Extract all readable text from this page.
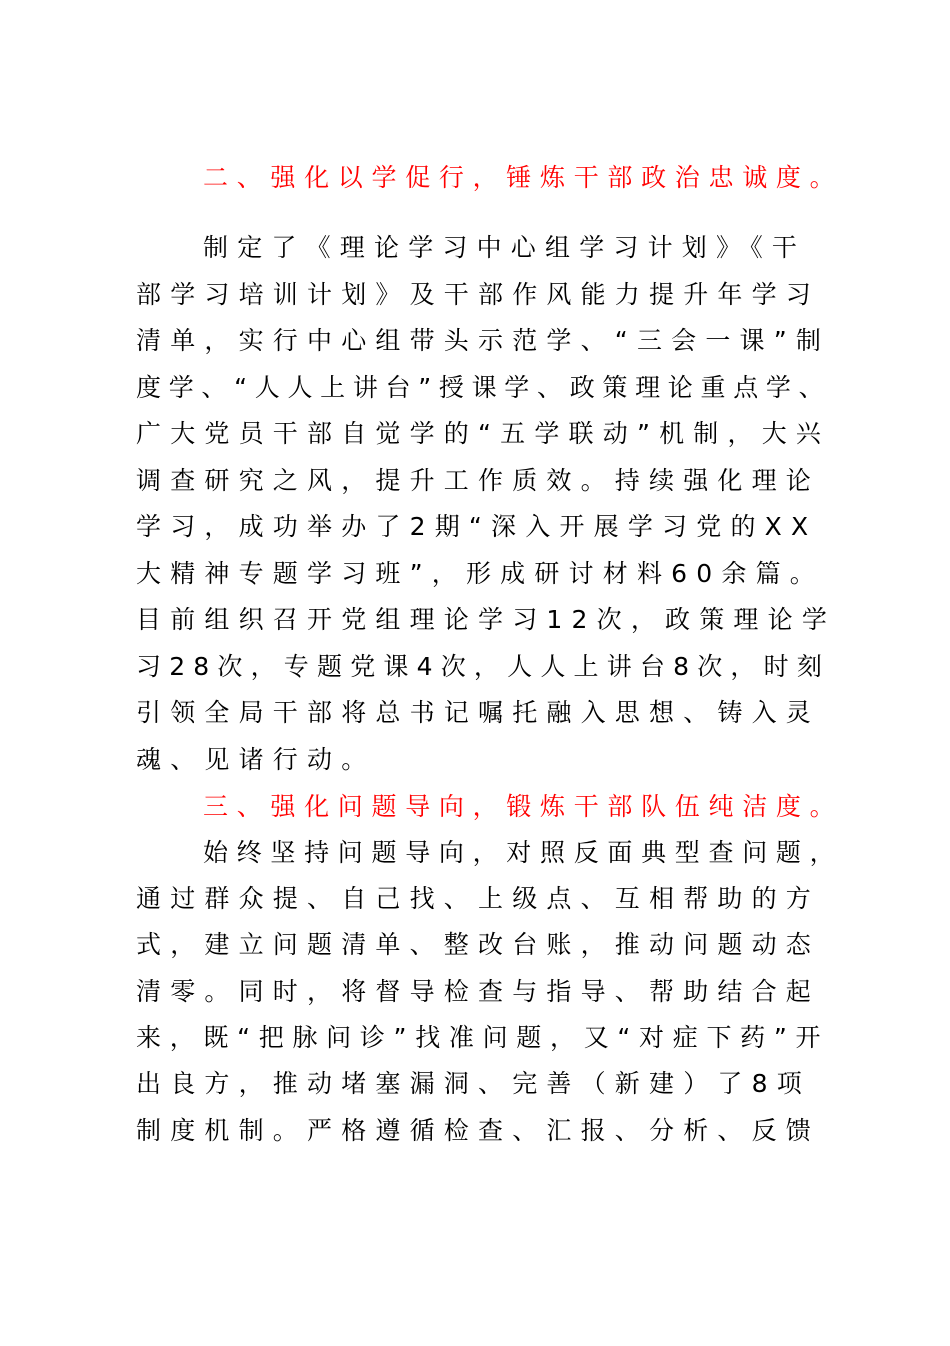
二、强化以学促行，锤炼干部政治忠诚度。
制定了《理论学习中心组学习计划》《干
部学习培训计划》及干部作风能力提升年学习
清单，实行中心组带头示范学、“三会一课”制
度学、“人人上讲台”授课学、政策理论重点学、
广大党员干部自觉学的“五学联动”机制，大兴
调查研究之风，提升工作质效。持续强化理论
学习，成功举办了2期“深入开展学习党的XX
大精神专题学习班”，形成研讨材料60余篇。
目前组织召开党组理论学习12次，政策理论学
习28次，专题党课4次，人人上讲台8次，时刻
引领全局干部将总书记嘱托融入思想、铸入灵
魂、见诸行动。
三、强化问题导向，锻炼干部队伍纯洁度。
始终坚持问题导向，对照反面典型查问题，
通过群众提、自己找、上级点、互相帮助的方
式，建立问题清单、整改台账，推动问题动态
清零。同时，将督导检查与指导、帮助结合起
来，既“把脉问诊”找准问题，又“对症下药”开
出良方，推动堵塞漏洞、完善（新建）了8项
制度机制。严格遵循检查、汇报、分析、反馈
